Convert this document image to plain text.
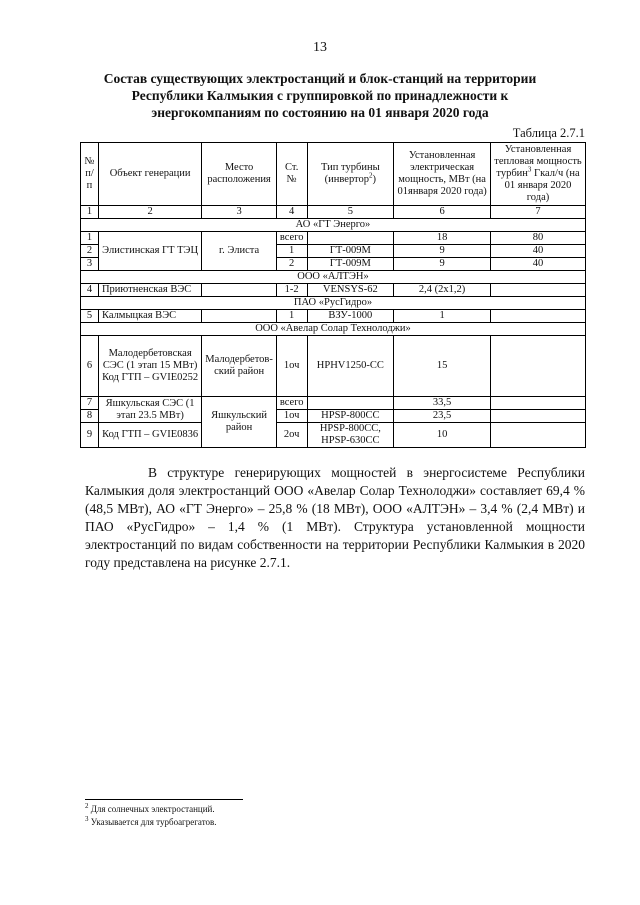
13
Состав существующих электростанций и блок-станций на территории Республики Калмыкия с группировкой по принадлежности к энергокомпаниям по состоянию на 01 января 2020 года
Таблица 2.7.1
№ п/п	Объект генерации	Место расположения	Ст. №	Тип турбины (инвертор$^2$)	Установленная электрическая мощность, МВт (на 01января 2020 года)	Установленная тепловая мощность турбин$^3$ Гкал/ч (на 01 января 2020 года)
1	2	3	4	5	6	7
АО «ГТ Энерго»						
1	Элистинская ГТ ТЭЦ	г. Элиста	всего		18	80
2			1	ГТ-009М	9	40
3			2	ГТ-009М	9	40
ООО «АЛТЭН»						
4	Приютненская ВЭС		1-2	VENSYS-62	2,4 (2х1,2)	
ПАО «РусГидро»						
5	Калмыцкая ВЭС		1	ВЗУ-1000	1	
ООО «Авелар Солар Технолоджи»						
6	Малодербетовская СЭС (1 этап 15 МВт) Код ГТП – GVIE0252	Малодербетов-ский район	1оч	HPHV1250-CC	15	
7	Яшкульская СЭС (1 этап 23.5 МВт)	Яшкульский район	всего		33,5	
8			1оч	HPSP-800CC	23,5	
9	Код ГТП – GVIE0836		2оч	HPSP-800CC, HPSP-630CC	10	
В структуре генерирующих мощностей в энергосистеме Республики Калмыкия доля электростанций ООО «Авелар Солар Технолоджи» составляет 69,4 % (48,5 МВт), АО «ГТ Энерго» – 25,8 % (18 МВт), ООО «АЛТЭН» – 3,4 % (2,4 МВт) и ПАО «РусГидро» – 1,4 % (1 МВт). Структура установленной мощности электростанций по видам собственности на территории Республики Калмыкия в 2020 году представлена на рисунке 2.7.1.
$^2$ Для солнечных электростанций.
$^3$ Указывается для турбоагрегатов.
